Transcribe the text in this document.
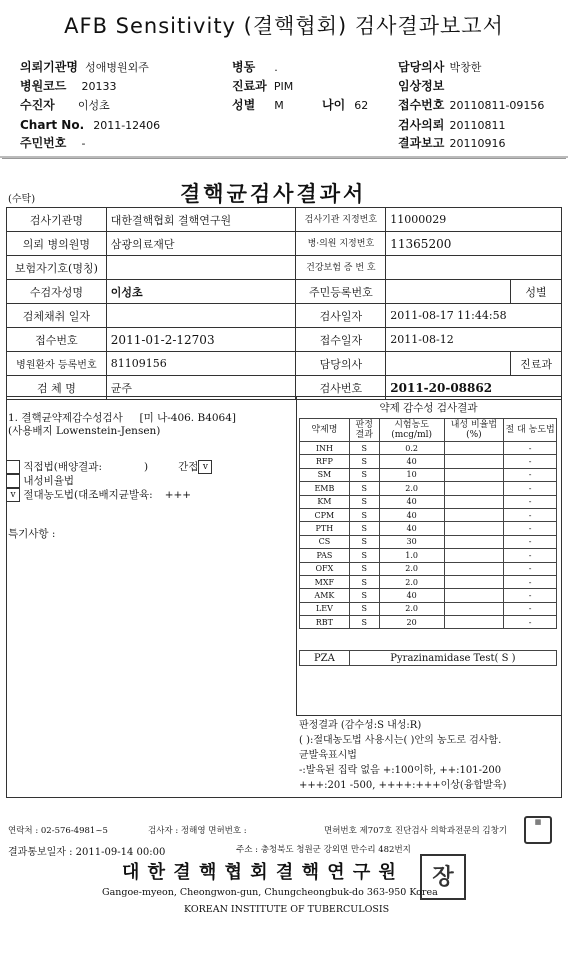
AFB Sensitivity (결핵협회) 검사결과보고서
의뢰기관명 성애병원외주	병동 .	담당의사 박창한
병원코드 20133	진료과 PIM	임상정보
수진자 이성초	성별 M	나이 62	접수번호 20110811-09156
Chart No. 2011-12406	검사의뢰 20110811
주민번호 -	결과보고 20110916
(수탁)	결핵균검사결과서
검사기관명	대한결핵협회 결핵연구원	검사기관 지정번호	11000029	
의뢰 병의원명	삼광의료재단	병·의원 지정번호	11365200	
보험자기호(명칭)		건강보험 증 번 호		
수검자성명	이성초	주민등록번호		성별
검체채취 일자		검사일자	2011-08-17 11:44:58	
접수번호	2011-01-2-12703	접수일자	2011-08-12	
병원환자 등록번호	81109156	담당의사		진료과
검 체 명	균주	검사번호	2011-20-08862	
1. 결핵균약제감수성검사 [미 나-406. B4064]
(사용배지 Lowenstein-Jensen)
직접법(배양결과:	)	간접 v
내성비율법
v 절대농도법(대조배지균발육: +++
특기사항 :
약제 감수성 검사결과
약제명	판정 결과	시험농도 (mcg/ml)	내성 비율법(%)	절 대 농도법
INH	S	0.2		-
RFP	S	40		-
SM	S	10		-
EMB	S	2.0		-
KM	S	40		-
CPM	S	40		-
PTH	S	40		-
CS	S	30		-
PAS	S	1.0		-
OFX	S	2.0		-
MXF	S	2.0		-
AMK	S	40		-
LEV	S	2.0		-
RBT	S	20		-
PZA	Pyrazinamidase Test( S )
판정결과 (감수성:S 내성:R)
( ):절대농도법 사용시는( )안의 농도로 검사함.
균발육표시법
-:발육된 집락 없음 +:100이하, ++:101-200
+++:201 -500, ++++:+++이상(융합발육)
연락처 : 02-576-4981~5	검사자 : 정해영 면허번호 :	면허번호 제707호 진단검사 의학과전문의 김창기
▦
결과통보일자 : 2011-09-14 00:00	주소 : 충청북도 청원군 강외면 만수리 482번지
대 한 결 핵 협 회 결 핵 연 구 원	장
Gangoe-myeon, Cheongwon-gun, Chungcheongbuk-do 363-950 Korea
KOREAN INSTITUTE OF TUBERCULOSIS
